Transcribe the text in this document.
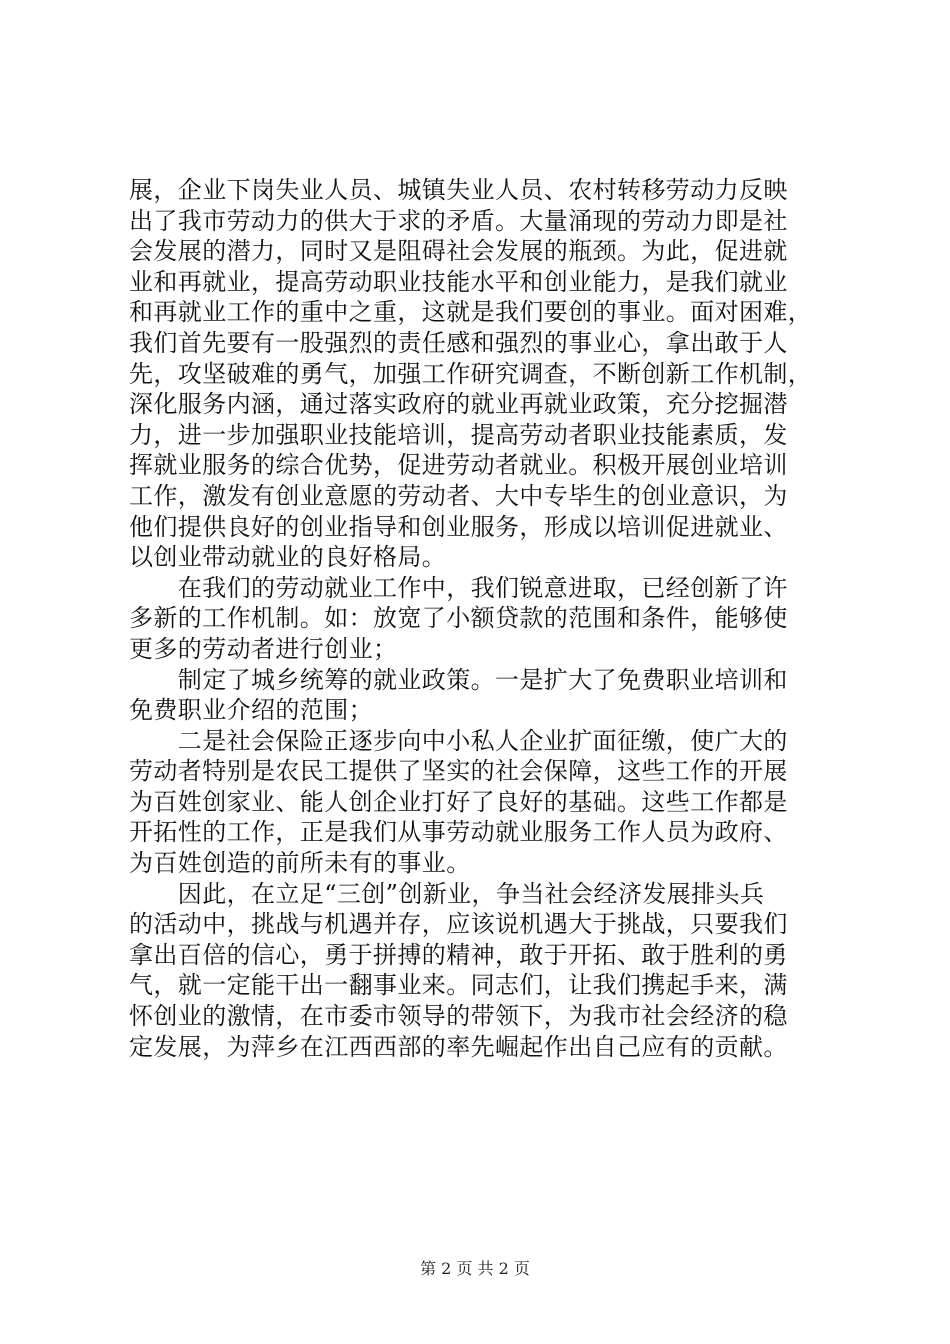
展，企业下岗失业人员、城镇失业人员、农村转移劳动力反映
出了我市劳动力的供大于求的矛盾。大量涌现的劳动力即是社
会发展的潜力，同时又是阻碍社会发展的瓶颈。为此，促进就
业和再就业，提高劳动职业技能水平和创业能力，是我们就业
和再就业工作的重中之重，这就是我们要创的事业。面对困难，
我们首先要有一股强烈的责任感和强烈的事业心，拿出敢于人
先，攻坚破难的勇气，加强工作研究调查，不断创新工作机制，
深化服务内涵，通过落实政府的就业再就业政策，充分挖掘潜
力，进一步加强职业技能培训，提高劳动者职业技能素质，发
挥就业服务的综合优势，促进劳动者就业。积极开展创业培训
工作，激发有创业意愿的劳动者、大中专毕生的创业意识，为
他们提供良好的创业指导和创业服务，形成以培训促进就业、
以创业带动就业的良好格局。
　　在我们的劳动就业工作中，我们锐意进取，已经创新了许
多新的工作机制。如：放宽了小额贷款的范围和条件，能够使
更多的劳动者进行创业；
　　制定了城乡统筹的就业政策。一是扩大了免费职业培训和
免费职业介绍的范围；
　　二是社会保险正逐步向中小私人企业扩面征缴，使广大的
劳动者特别是农民工提供了坚实的社会保障，这些工作的开展
为百姓创家业、能人创企业打好了良好的基础。这些工作都是
开拓性的工作，正是我们从事劳动就业服务工作人员为政府、
为百姓创造的前所未有的事业。
　　因此，在立足“三创”创新业，争当社会经济发展排头兵
的活动中，挑战与机遇并存，应该说机遇大于挑战，只要我们
拿出百倍的信心，勇于拼搏的精神，敢于开拓、敢于胜利的勇
气，就一定能干出一翻事业来。同志们，让我们携起手来，满
怀创业的激情，在市委市领导的带领下，为我市社会经济的稳
定发展，为萍乡在江西西部的率先崛起作出自己应有的贡献。
第 2 页 共 2 页
